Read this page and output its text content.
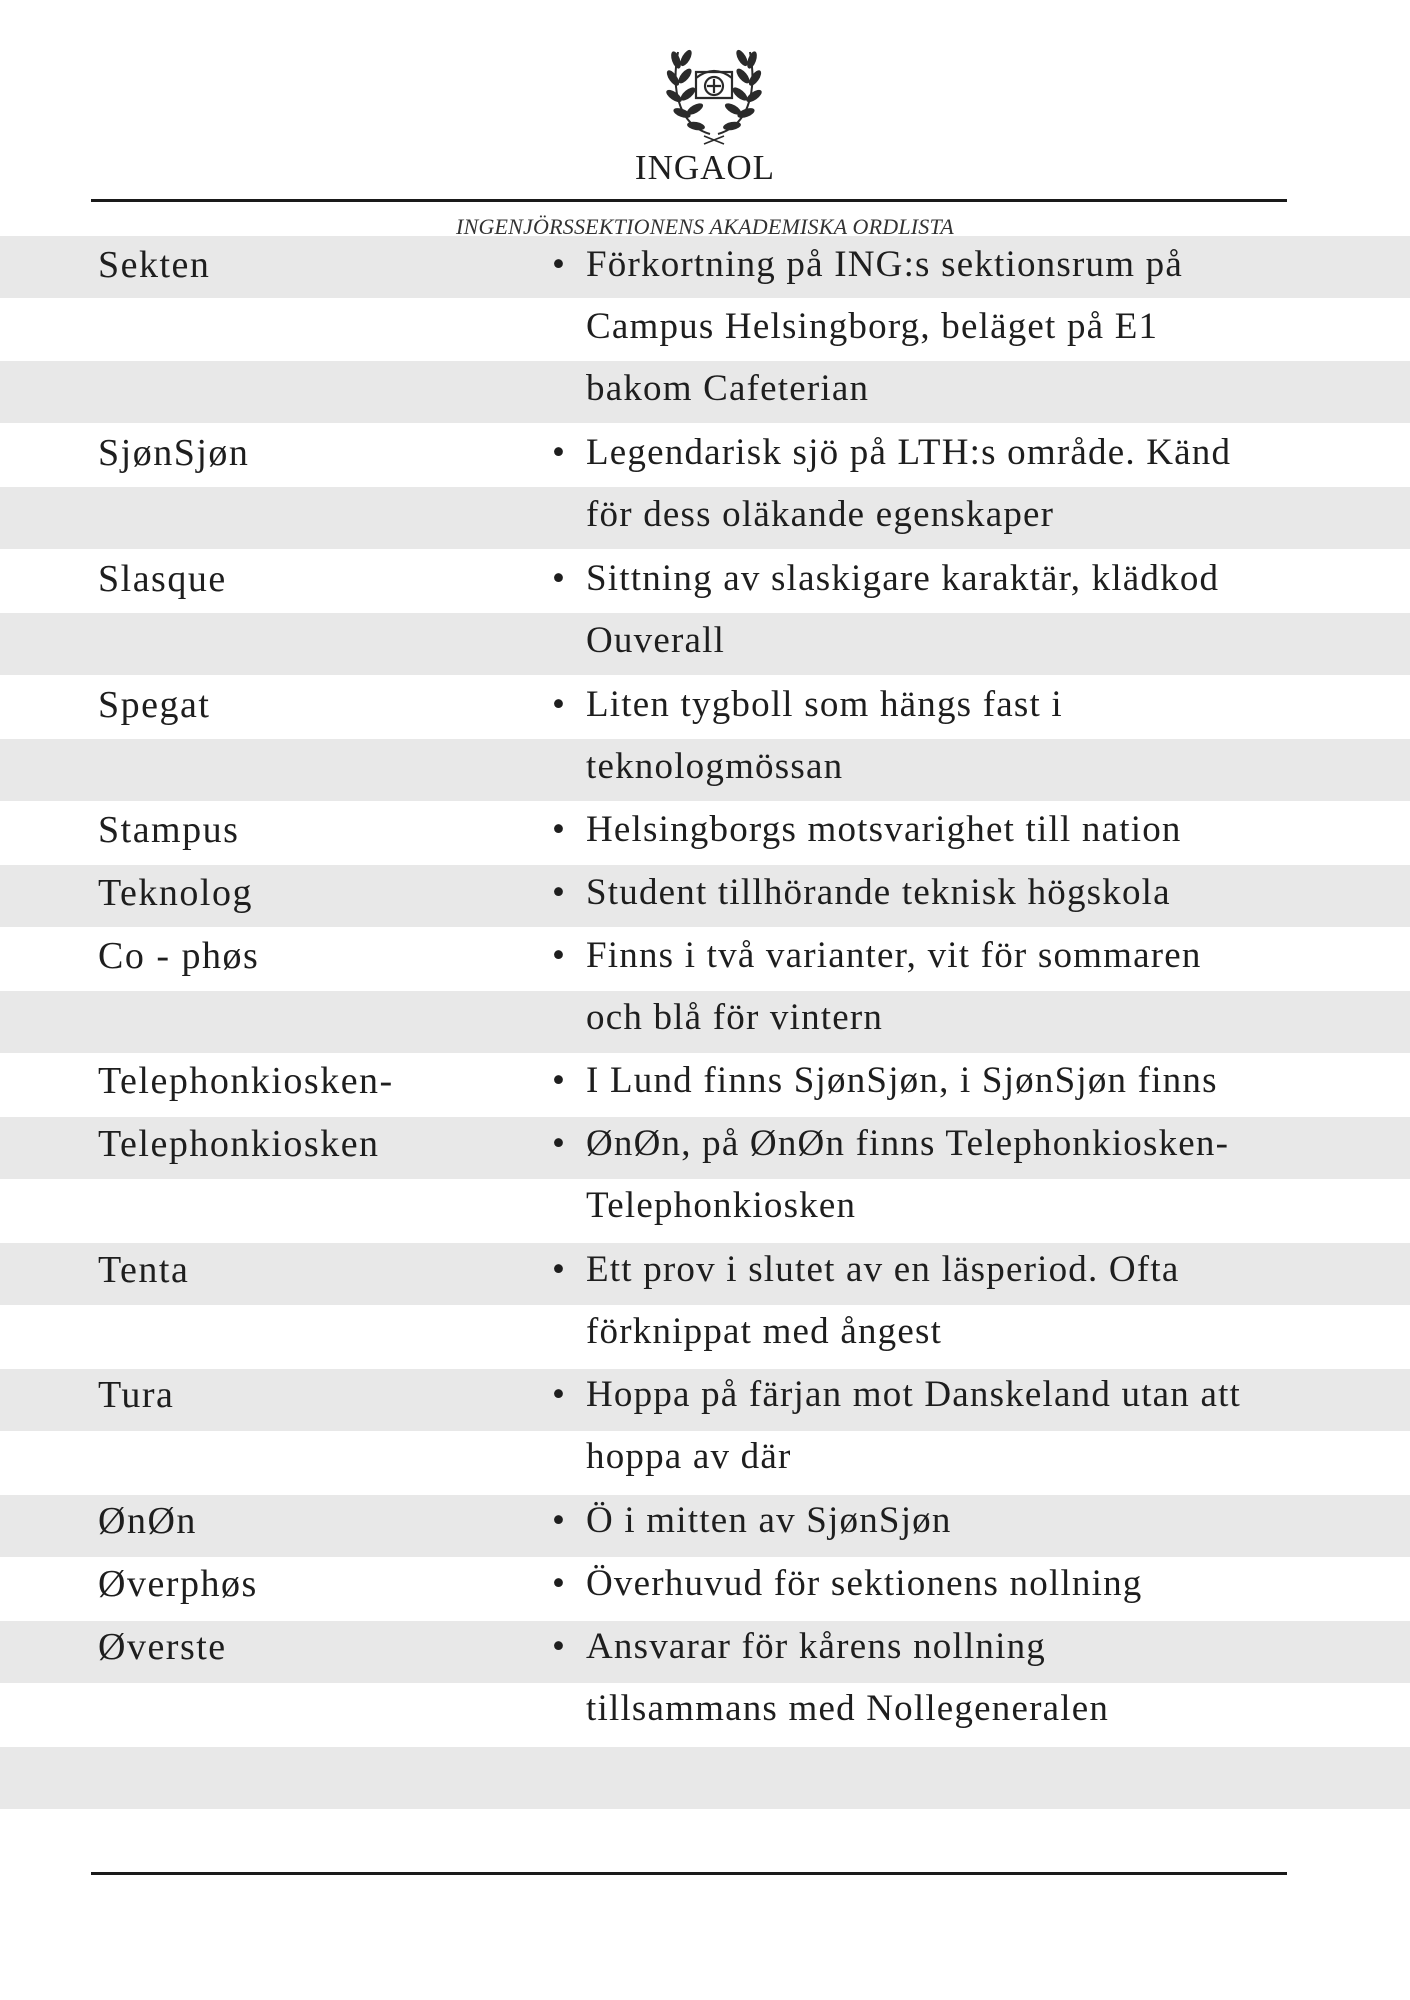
INGAOL
INGENJÖRSSEKTIONENS AKADEMISKA ORDLISTA
Sekten	• Förkortning på ING:s sektionsrum på
Campus Helsingborg, beläget på E1
bakom Cafeterian
SjønSjøn	• Legendarisk sjö på LTH:s område. Känd
för dess oläkande egenskaper
Slasque	• Sittning av slaskigare karaktär, klädkod
Ouverall
Spegat	• Liten tygboll som hängs fast i
teknologmössan
Stampus	• Helsingborgs motsvarighet till nation
Teknolog	• Student tillhörande teknisk högskola
Co - phøs	• Finns i två varianter, vit för sommaren
och blå för vintern
Telephonkiosken-	• I Lund finns SjønSjøn, i SjønSjøn finns
Telephonkiosken	• ØnØn, på ØnØn finns Telephonkiosken-
Telephonkiosken
Tenta	• Ett prov i slutet av en läsperiod. Ofta
förknippat med ångest
Tura	• Hoppa på färjan mot Danskeland utan att
hoppa av där
ØnØn	• Ö i mitten av SjønSjøn
Øverphøs	• Överhuvud för sektionens nollning
Øverste	• Ansvarar för kårens nollning
tillsammans med Nollegeneralen
